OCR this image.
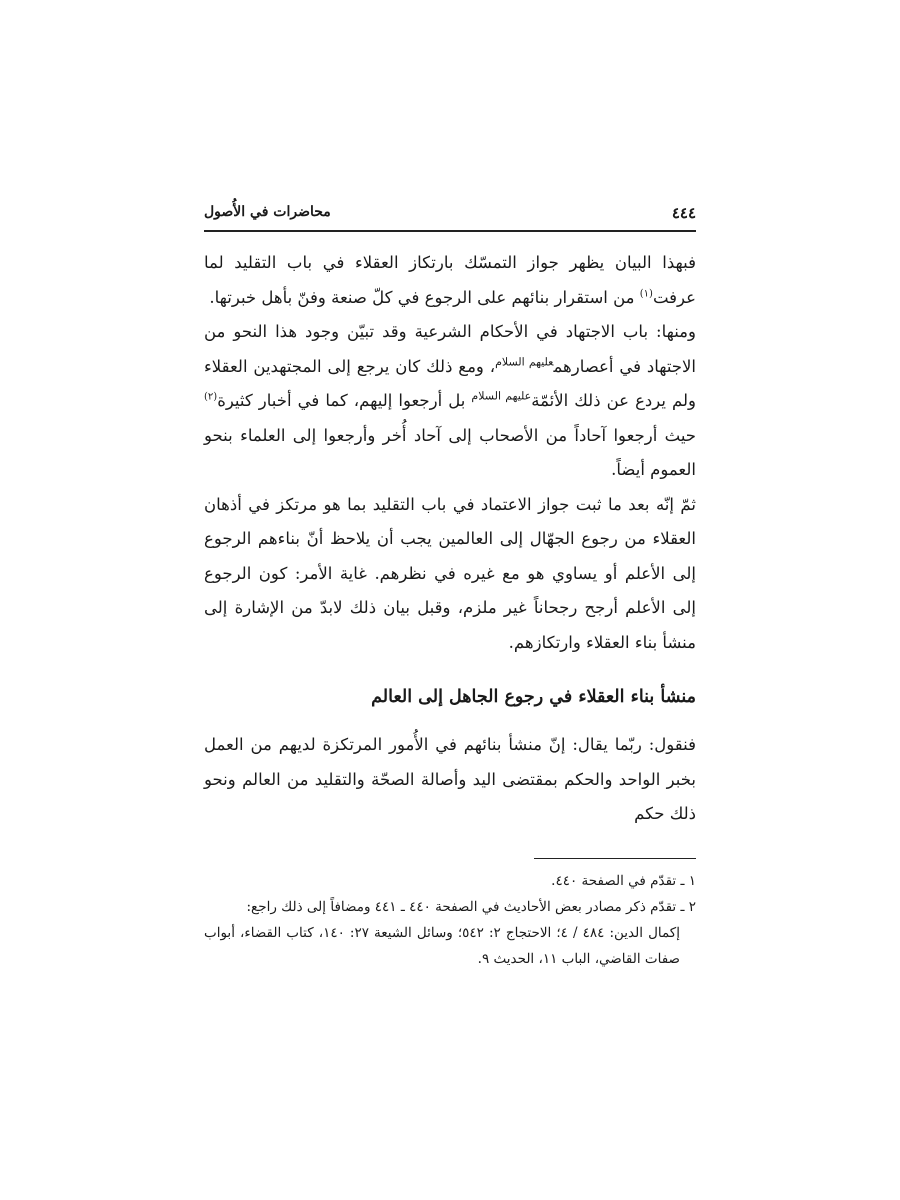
٤٤٤
محاضرات في الأُصول

فبهذا البيان يظهر جواز التمسّك بارتكاز العقلاء في باب التقليد لما عرفت$^{(١)}$ من استقرار بنائهم على الرجوع في كلّ صنعة وفنّ بأهل خبرتها.

ومنها: باب الاجتهاد في الأحكام الشرعية وقد تبيّن وجود هذا النحو من الاجتهاد في أعصارهم$^{عليهم السلام}$، ومع ذلك كان يرجع إلى المجتهدين العقلاء ولم يردع عن ذلك الأئمّة$^{عليهم السلام}$ بل أرجعوا إليهم، كما في أخبار كثيرة$^{(٢)}$ حيث أرجعوا آحاداً من الأصحاب إلى آحاد أُخر وأرجعوا إلى العلماء بنحو العموم أيضاً.

ثمّ إنّه بعد ما ثبت جواز الاعتماد في باب التقليد بما هو مرتكز في أذهان العقلاء من رجوع الجهّال إلى العالمين يجب أن يلاحظ أنّ بناءهم الرجوع إلى الأعلم أو يساوي هو مع غيره في نظرهم. غاية الأمر: كون الرجوع إلى الأعلم أرجح رجحاناً غير ملزم، وقبل بيان ذلك لابدّ من الإشارة إلى منشأ بناء العقلاء وارتكازهم.

منشأ بناء العقلاء في رجوع الجاهل إلى العالم

فنقول: ربّما يقال: إنّ منشأ بنائهم في الأُمور المرتكزة لديهم من العمل بخبر الواحد والحكم بمقتضى اليد وأصالة الصحّة والتقليد من العالم ونحو ذلك حكم

١ ـ تقدّم في الصفحة ٤٤٠.

٢ ـ تقدّم ذكر مصادر بعض الأحاديث في الصفحة ٤٤٠ ـ ٤٤١ ومضافاً إلى ذلك راجع:

إكمال الدين: ٤٨٤ / ٤؛ الاحتجاج ٢: ٥٤٢؛ وسائل الشيعة ٢٧: ١٤٠، كتاب القضاء، أبواب صفات القاضي، الباب ١١، الحديث ٩.
